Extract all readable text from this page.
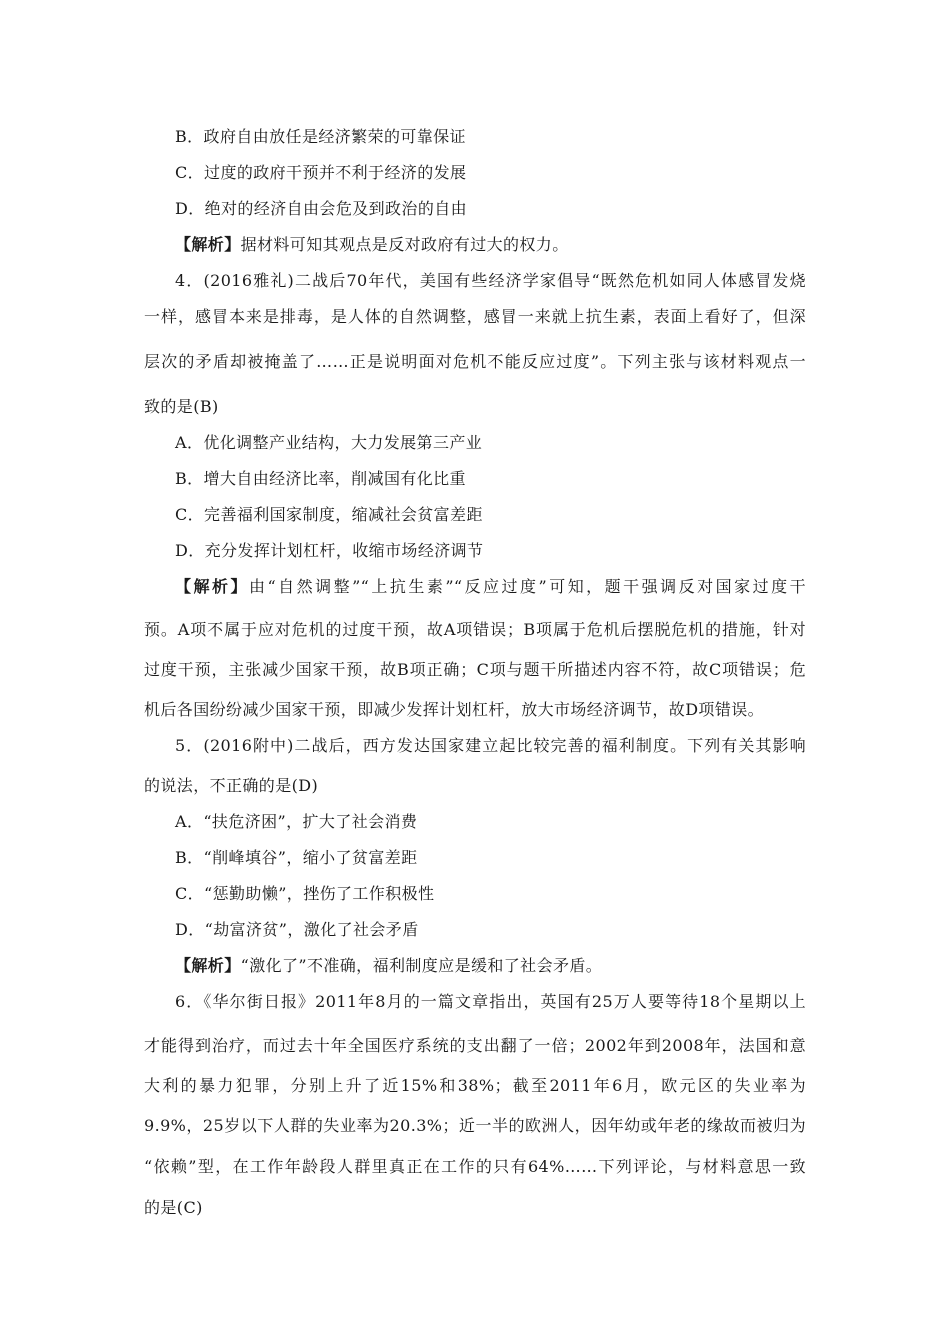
B．政府自由放任是经济繁荣的可靠保证
C．过度的政府干预并不利于经济的发展
D．绝对的经济自由会危及到政治的自由
【解析】据材料可知其观点是反对政府有过大的权力。
4．(2016雅礼)二战后70年代，美国有些经济学家倡导“既然危机如同人体感冒发烧
一样，感冒本来是排毒，是人体的自然调整，感冒一来就上抗生素，表面上看好了，但深
层次的矛盾却被掩盖了……正是说明面对危机不能反应过度”。下列主张与该材料观点一
致的是(B)
A．优化调整产业结构，大力发展第三产业
B．增大自由经济比率，削减国有化比重
C．完善福利国家制度，缩减社会贫富差距
D．充分发挥计划杠杆，收缩市场经济调节
【解析】由“自然调整”“上抗生素”“反应过度”可知，题干强调反对国家过度干
预。A项不属于应对危机的过度干预，故A项错误；B项属于危机后摆脱危机的措施，针对
过度干预，主张减少国家干预，故B项正确；C项与题干所描述内容不符，故C项错误；危
机后各国纷纷减少国家干预，即减少发挥计划杠杆，放大市场经济调节，故D项错误。
5．(2016附中)二战后，西方发达国家建立起比较完善的福利制度。下列有关其影响
的说法，不正确的是(D)
A．“扶危济困”，扩大了社会消费
B．“削峰填谷”，缩小了贫富差距
C．“惩勤助懒”，挫伤了工作积极性
D．“劫富济贫”，激化了社会矛盾
【解析】“激化了”不准确，福利制度应是缓和了社会矛盾。
6．《华尔街日报》2011年8月的一篇文章指出，英国有25万人要等待18个星期以上
才能得到治疗，而过去十年全国医疗系统的支出翻了一倍；2002年到2008年，法国和意
大利的暴力犯罪，分别上升了近15%和38%；截至2011年6月，欧元区的失业率为
9.9%，25岁以下人群的失业率为20.3%；近一半的欧洲人，因年幼或年老的缘故而被归为
“依赖”型，在工作年龄段人群里真正在工作的只有64%……下列评论，与材料意思一致
的是(C)
